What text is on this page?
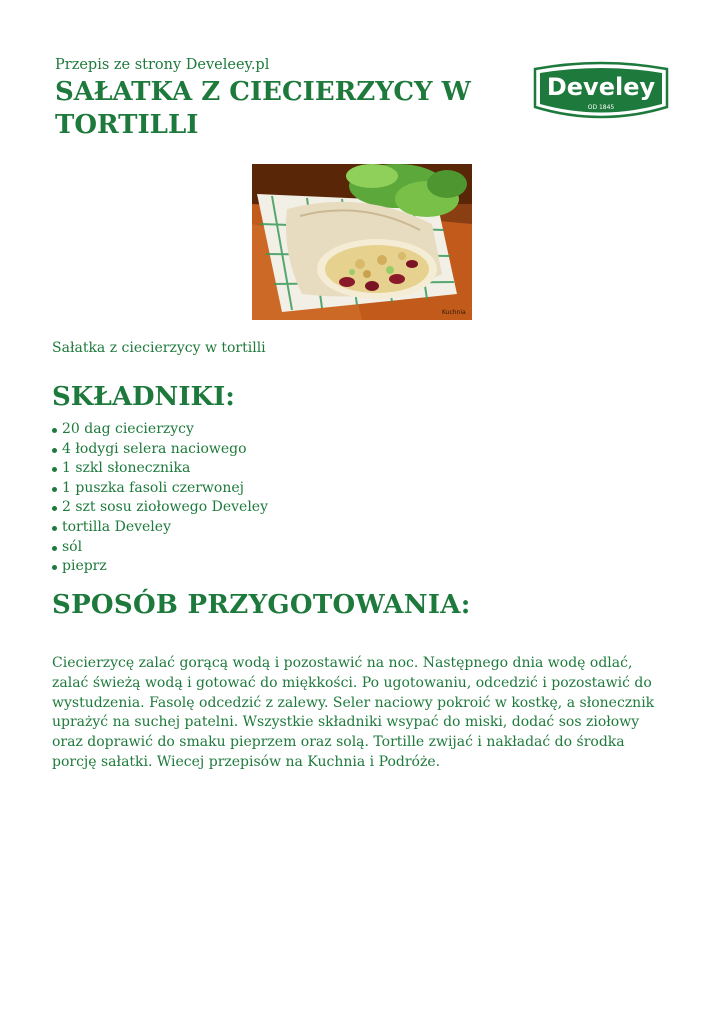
Przepis ze strony Develeey.pl
SAŁATKA Z CIECIERZYCY W TORTILLI
Develey
OD 1845
Kuchnia
Sałatka z ciecierzycy w tortilli
SKŁADNIKI:
20 dag ciecierzycy
4 łodygi selera naciowego
1 szkl słonecznika
1 puszka fasoli czerwonej
2 szt sosu ziołowego Develey
tortilla Develey
sól
pieprz
SPOSÓB PRZYGOTOWANIA:

Ciecierzycę zalać gorącą wodą i pozostawić na noc. Następnego dnia wodę odlać, zalać świeżą wodą i gotować do miękkości. Po ugotowaniu, odcedzić i pozostawić do wystudzenia. Fasolę odcedzić z zalewy. Seler naciowy pokroić w kostkę, a słonecznik uprażyć na suchej patelni. Wszystkie składniki wsypać do miski, dodać sos ziołowy oraz doprawić do smaku pieprzem oraz solą. Tortille zwijać i nakładać do środka porcję sałatki. Wiecej przepisów na Kuchnia i Podróże.
